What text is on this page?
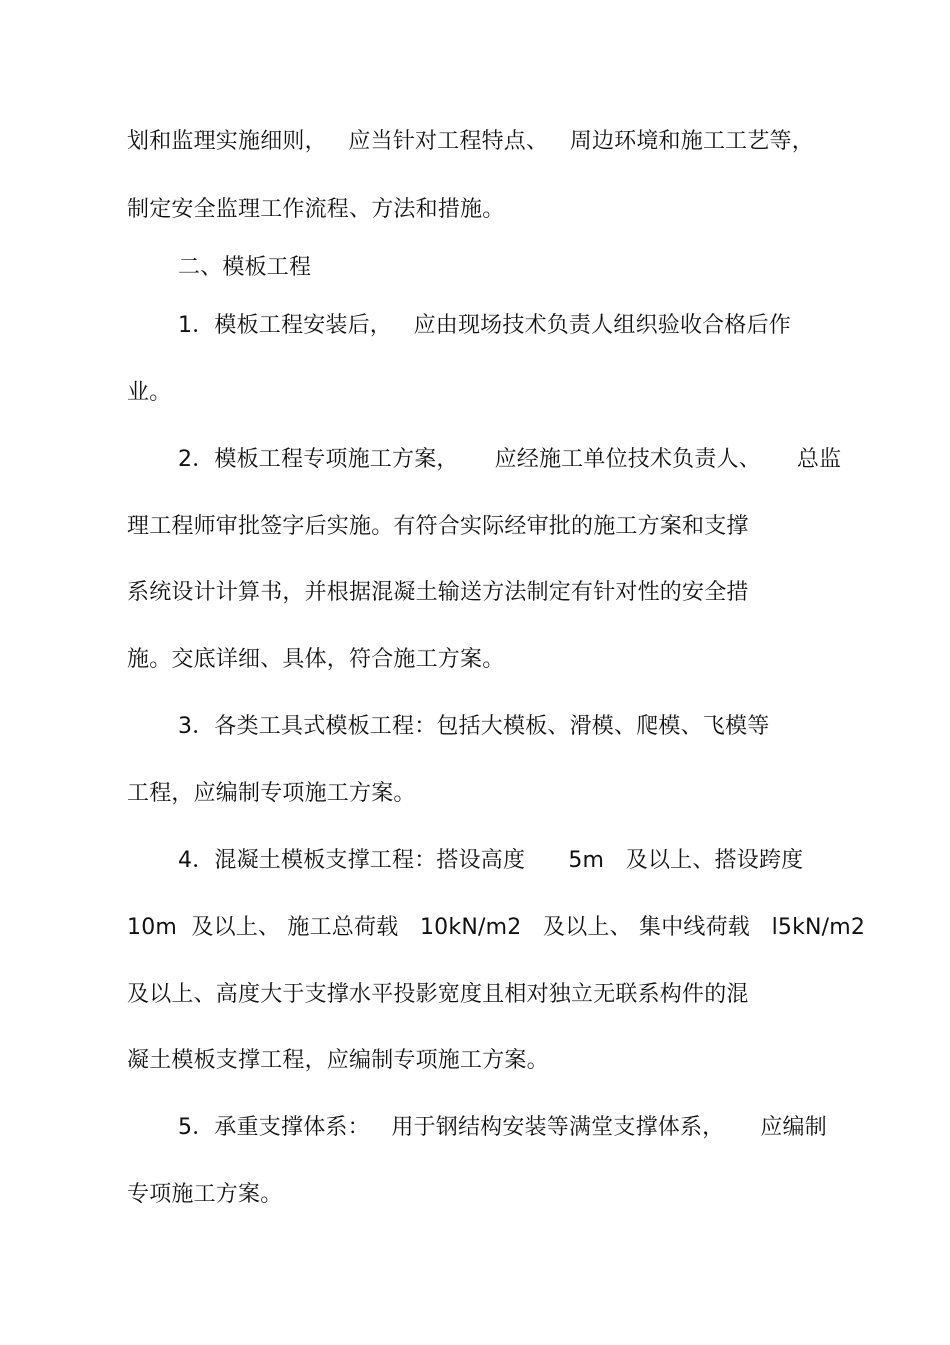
划和监理实施细则，   应当针对工程特点、   周边环境和施工工艺等，
制定安全监理工作流程、方法和措施。
二、模板工程
1．模板工程安装后，   应由现场技术负责人组织验收合格后作
业。
2．模板工程专项施工方案，     应经施工单位技术负责人、     总监
理工程师审批签字后实施。有符合实际经审批的施工方案和支撑
系统设计计算书，并根据混凝土输送方法制定有针对性的安全措
施。交底详细、具体，符合施工方案。
3．各类工具式模板工程：包括大模板、滑模、爬模、飞模等
工程，应编制专项施工方案。
4．混凝土模板支撑工程：搭设高度      5m   及以上、搭设跨度
10m  及以上、 施工总荷载   10kN/m2   及以上、 集中线荷载   l5kN/m2
及以上、高度大于支撑水平投影宽度且相对独立无联系构件的混
凝土模板支撑工程，应编制专项施工方案。
5．承重支撑体系：   用于钢结构安装等满堂支撑体系，     应编制
专项施工方案。
